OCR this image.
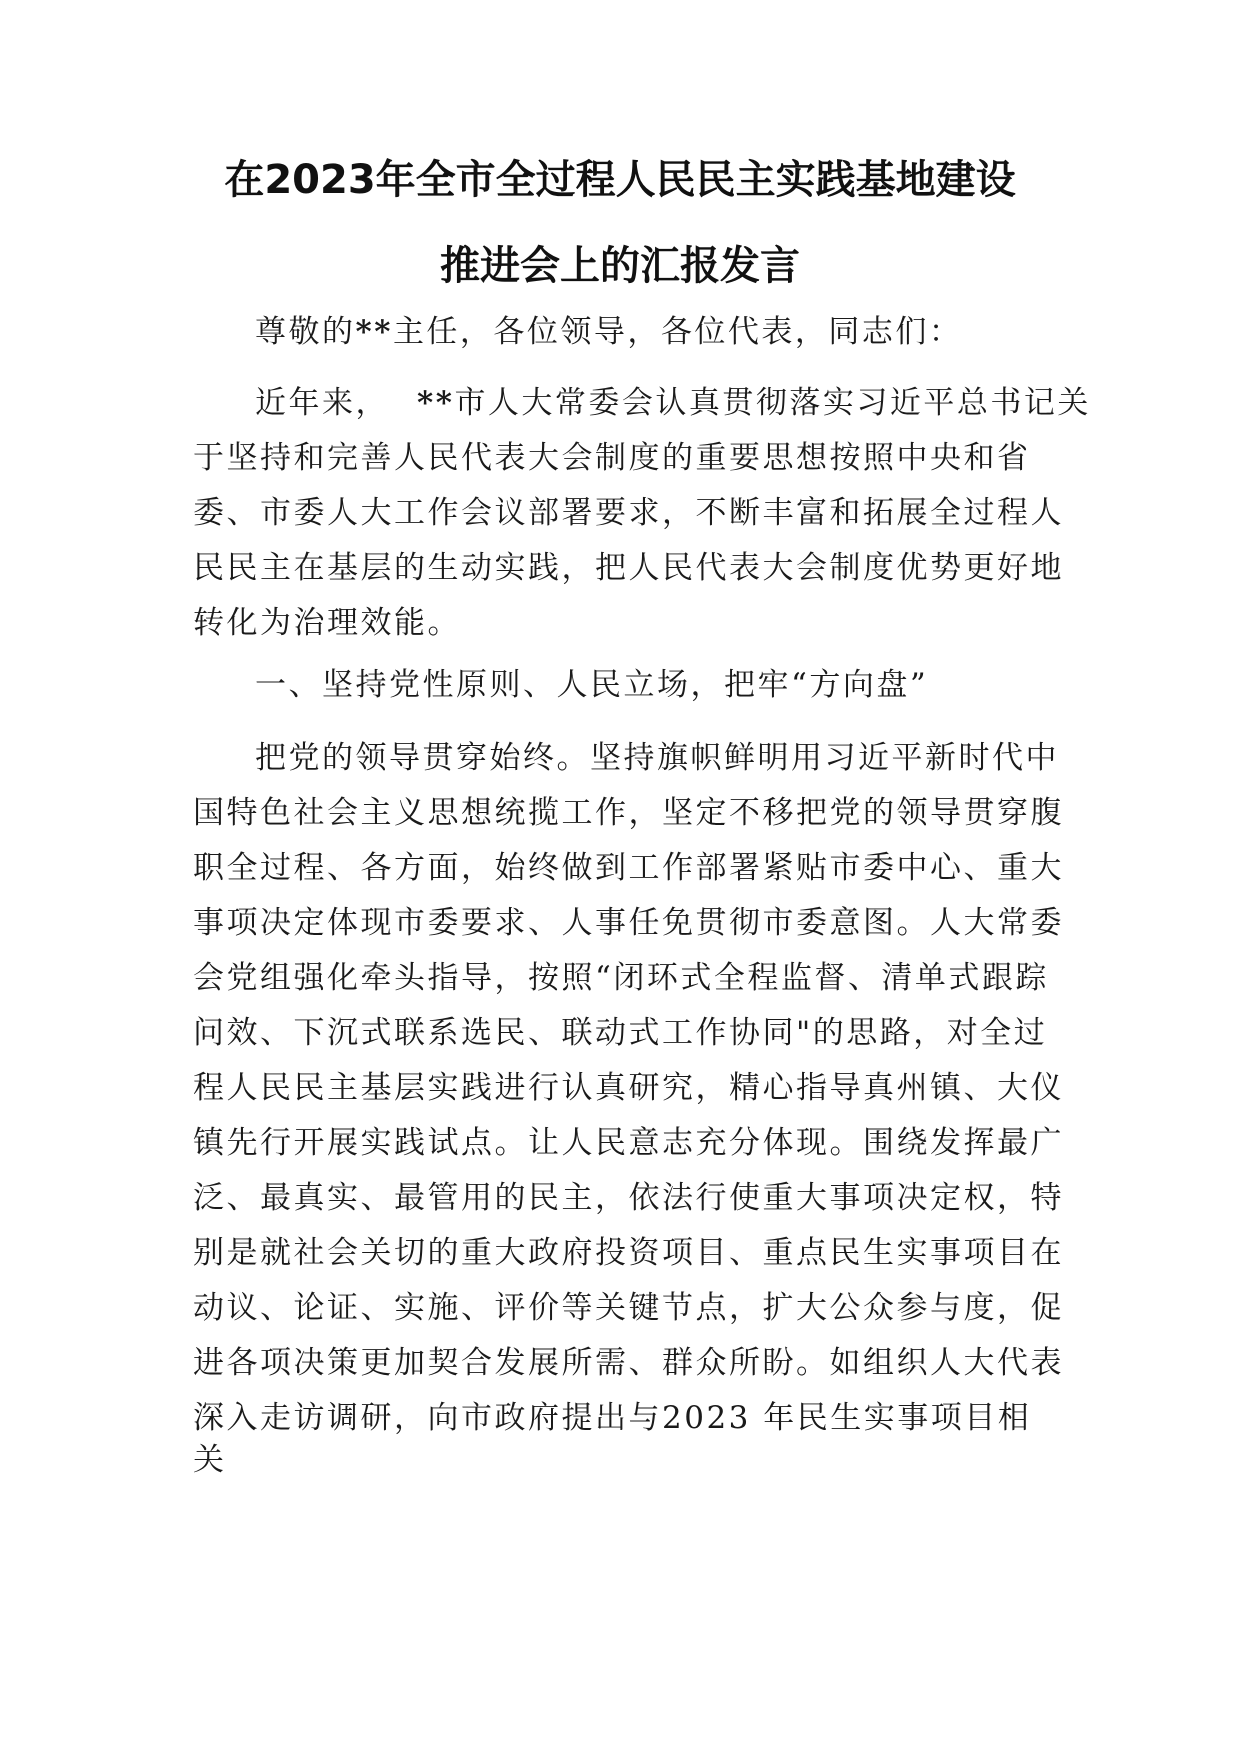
在2023年全市全过程人民民主实践基地建设
推进会上的汇报发言
尊敬的**主任，各位领导，各位代表，同志们：
近年来， **市人大常委会认真贯彻落实习近平总书记关
于坚持和完善人民代表大会制度的重要思想按照中央和省
委、市委人大工作会议部署要求，不断丰富和拓展全过程人
民民主在基层的生动实践，把人民代表大会制度优势更好地
转化为治理效能。
一、坚持党性原则、人民立场，把牢“方向盘”
把党的领导贯穿始终。坚持旗帜鲜明用习近平新时代中
国特色社会主义思想统揽工作，坚定不移把党的领导贯穿腹
职全过程、各方面，始终做到工作部署紧贴市委中心、重大
事项决定体现市委要求、人事任免贯彻市委意图。人大常委
会党组强化牵头指导，按照“闭环式全程监督、清单式跟踪
问效、下沉式联系选民、联动式工作协同"的思路，对全过
程人民民主基层实践进行认真研究，精心指导真州镇、大仪
镇先行开展实践试点。让人民意志充分体现。围绕发挥最广
泛、最真实、最管用的民主，依法行使重大事项决定权，特
别是就社会关切的重大政府投资项目、重点民生实事项目在
动议、论证、实施、评价等关键节点，扩大公众参与度，促
进各项决策更加契合发展所需、群众所盼。如组织人大代表
深入走访调研，向市政府提出与2023 年民生实事项目相
关
